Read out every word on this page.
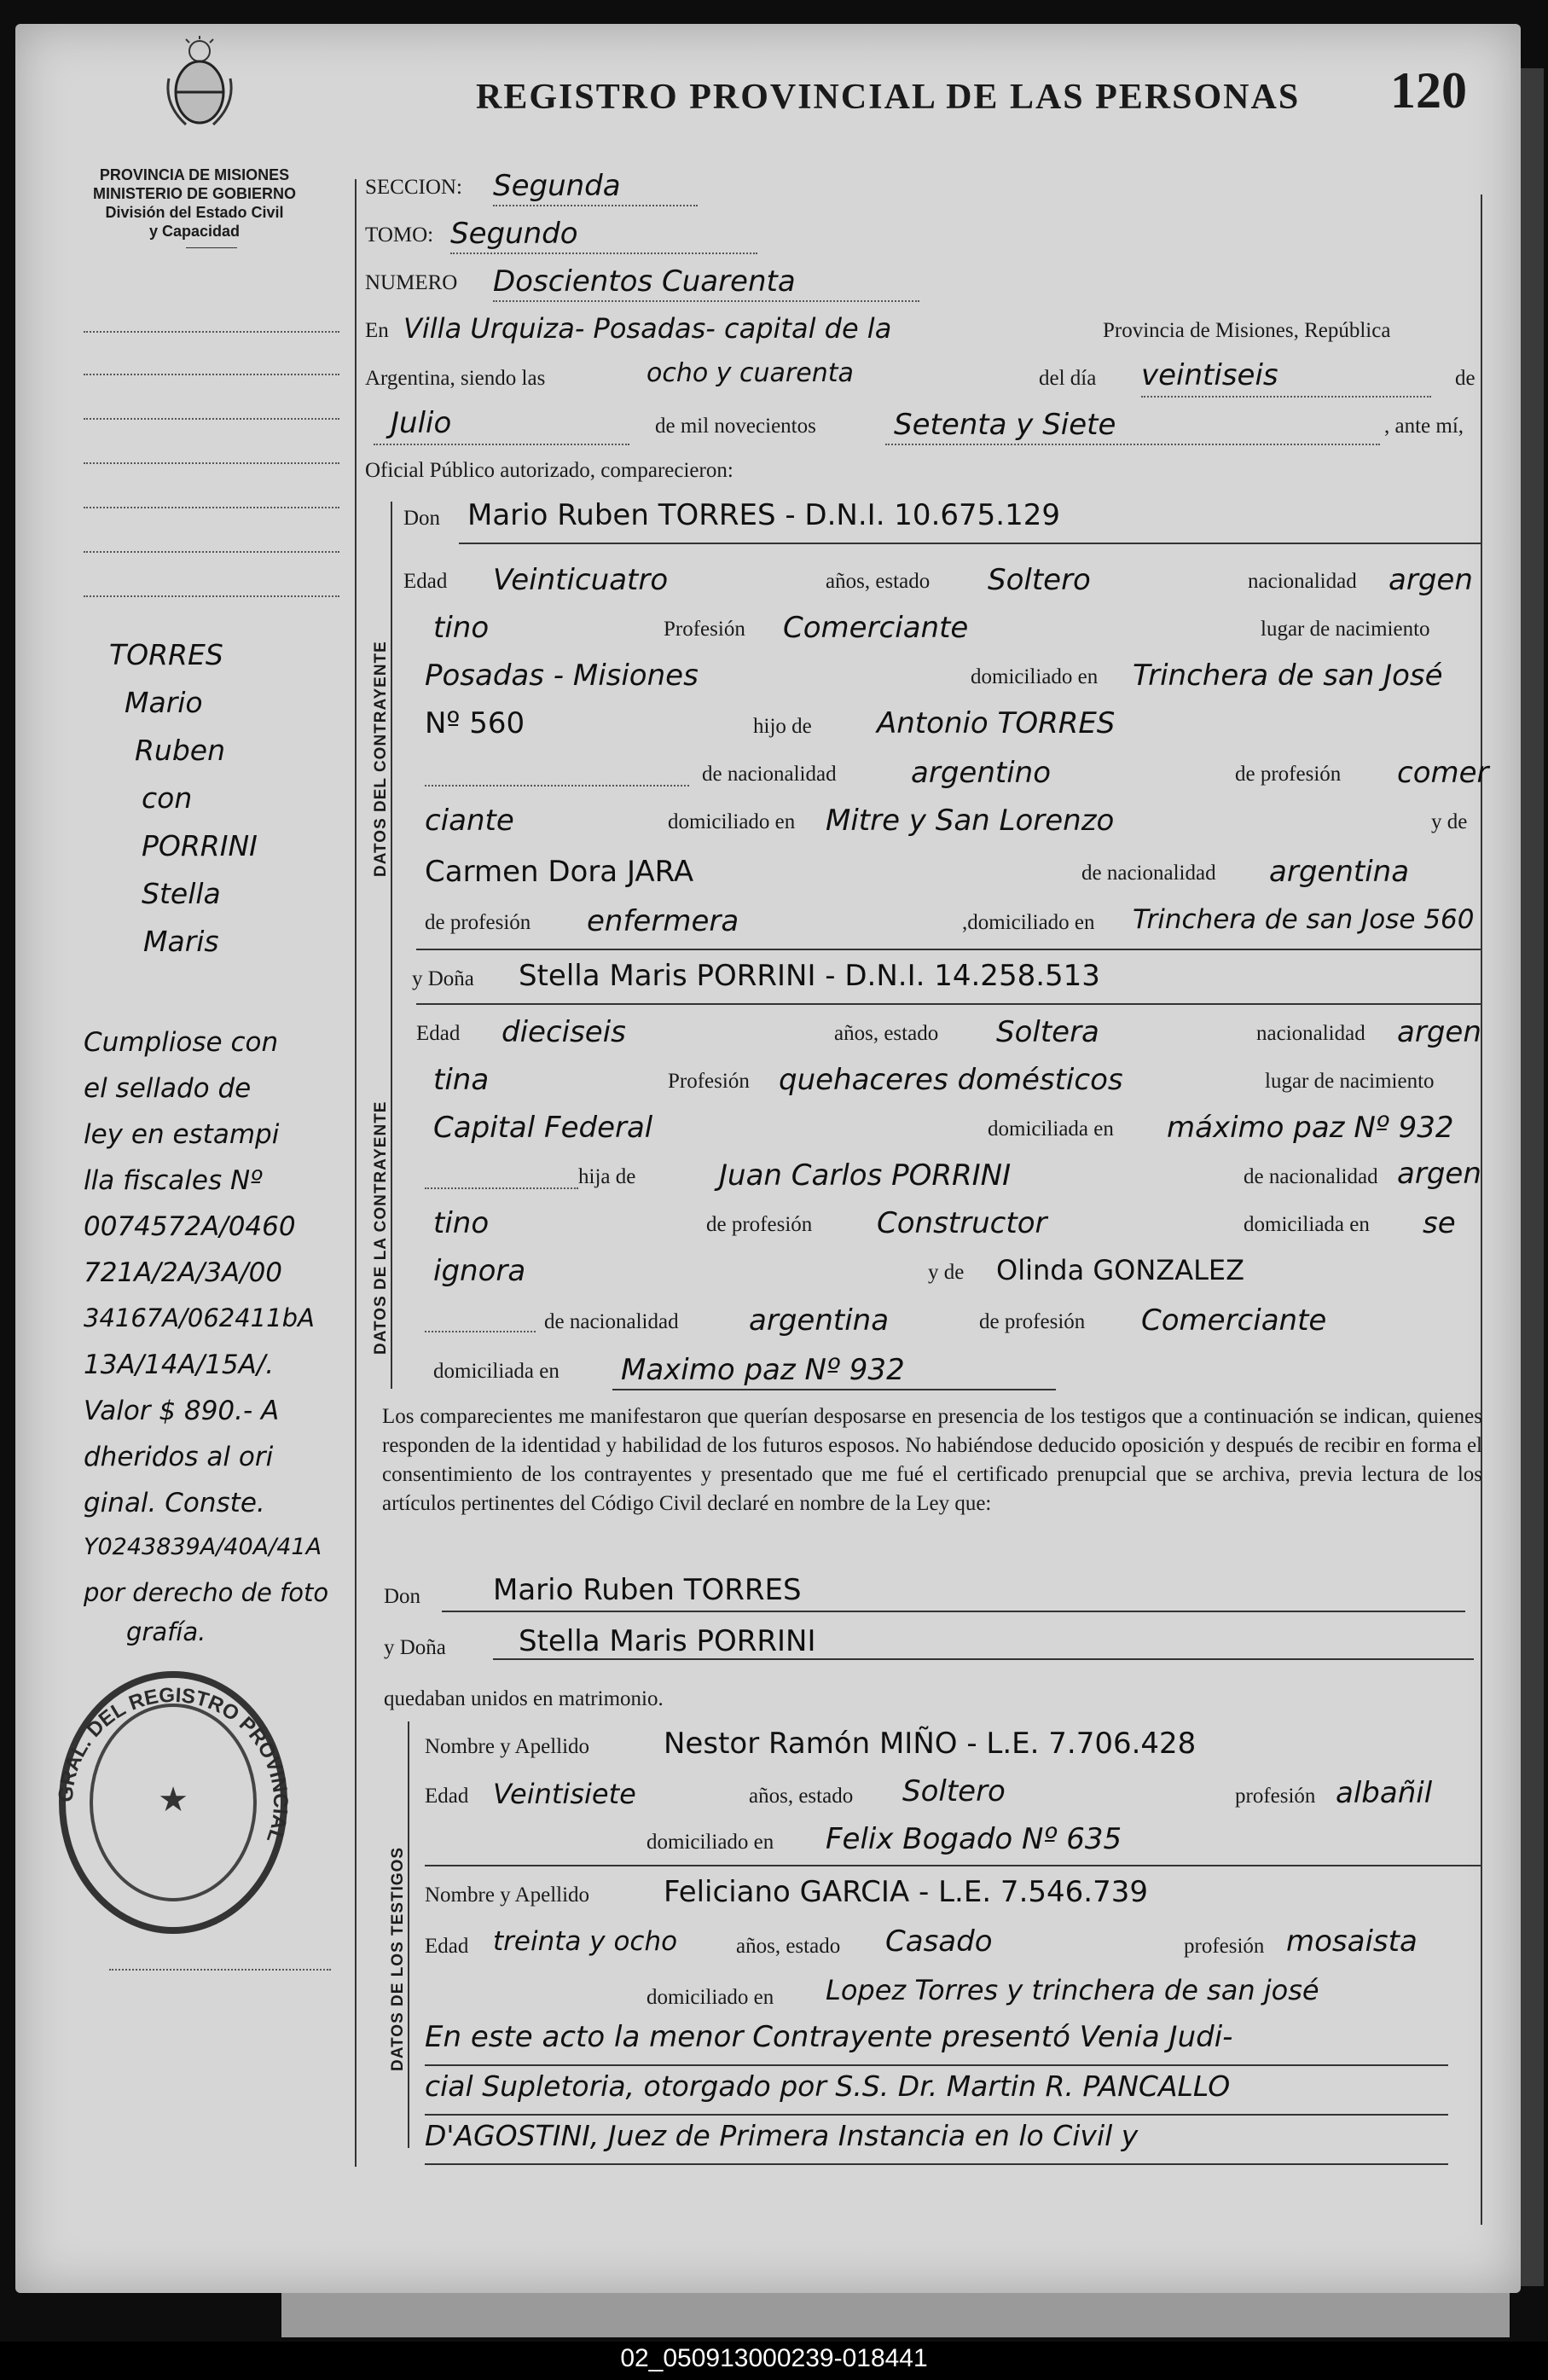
REGISTRO PROVINCIAL DE LAS PERSONAS 120
PROVINCIA DE MISIONES
MINISTERIO DE GOBIERNO
División del Estado Civil
y Capacidad
TORRES
Mario
Ruben
con
PORRINI
Stella
Maris
Cumpliose con
el sellado de
ley en estampi
lla fiscales Nº
0074572A/0460
721A/2A/3A/00
34167A/062411bA
13A/14A/15A/.
Valor $ 890.- A
dheridos al ori
ginal. Conste.
Y0243839A/40A/41A
por derecho de foto
grafía.
GRAL. DEL REGISTRO PROVINCIAL
★
SECCION: Segunda
TOMO: Segundo
NUMERO Doscientos Cuarenta
En Villa Urquiza- Posadas- capital de la	Provincia de Misiones, República
Argentina, siendo las	ocho y cuarenta	del día veintiseis	de
Julio	de mil novecientos	Setenta y Siete	, ante mí,
Oficial Público autorizado, comparecieron:
DATOS DEL CONTRAYENTE
Don Mario Ruben TORRES - D.N.I. 10.675.129
Edad Veinticuatro	años, estado Soltero	nacionalidad argen
tino	Profesión Comerciante	lugar de nacimiento
Posadas - Misiones	domiciliado en Trinchera de san José
Nº 560	hijo de Antonio TORRES
de nacionalidad	argentino	de profesión comer
ciante	domiciliado en Mitre y San Lorenzo	y de
Carmen Dora JARA	de nacionalidad argentina
de profesión enfermera	,domiciliado en Trinchera de san Jose 560
DATOS DE LA CONTRAYENTE
y Doña Stella Maris PORRINI - D.N.I. 14.258.513
Edad dieciseis	años, estado Soltera	nacionalidad argen
tina	Profesión quehaceres domésticos	lugar de nacimiento
Capital Federal	domiciliada en máximo paz Nº 932
hija de	Juan Carlos PORRINI	de nacionalidad argen
tino	de profesión Constructor	domiciliada en se
ignora	y de Olinda GONZALEZ
de nacionalidad argentina	de profesión Comerciante
domiciliada en Maximo paz Nº 932
Los comparecientes me manifestaron que querían desposarse en presencia de los testigos que a continuación se indican, quienes responden de la identidad y habilidad de los futuros esposos. No habiéndose deducido oposición y después de recibir en forma el consentimiento de los contrayentes y presentado que me fué el certificado prenupcial que se archiva, previa lectura de los artículos pertinentes del Código Civil declaré en nombre de la Ley que:
Don Mario Ruben TORRES
y Doña	Stella Maris PORRINI
quedaban unidos en matrimonio.
DATOS DE LOS TESTIGOS
Nombre y Apellido	Nestor Ramón MIÑO - L.E. 7.706.428
Edad Veintisiete	años, estado Soltero	profesión albañil
domiciliado en Felix Bogado Nº 635
Nombre y Apellido	Feliciano GARCIA - L.E. 7.546.739
Edad treinta y ocho	años, estado Casado	profesión mosaista
domiciliado en Lopez Torres y trinchera de san josé
En este acto la menor Contrayente presentó Venia Judi-
cial Supletoria, otorgado por S.S. Dr. Martin R. PANCALLO
D'AGOSTINI, Juez de Primera Instancia en lo Civil y
02_050913000239-018441
